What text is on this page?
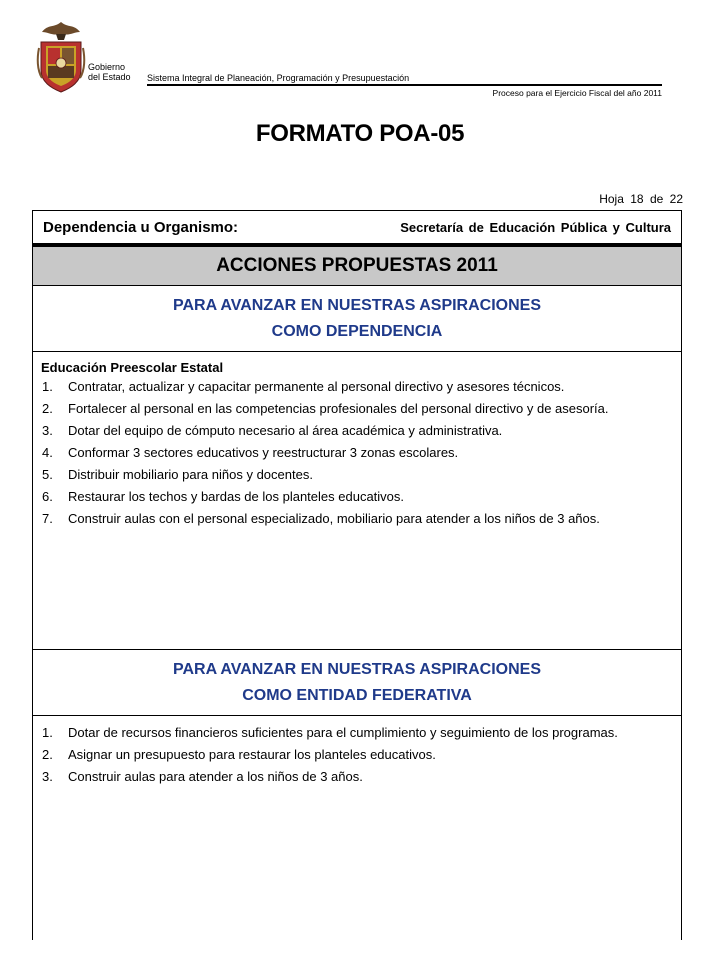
Gobierno
del Estado Sistema Integral de Planeación, Programación y Presupuestación
Proceso para el Ejercicio Fiscal del año 2011
FORMATO POA-05
Hoja 18 de 22
Dependencia u Organismo:	Secretaría de Educación Pública y Cultura
ACCIONES PROPUESTAS 2011
PARA AVANZAR EN NUESTRAS ASPIRACIONES
COMO DEPENDENCIA
Educación Preescolar Estatal
1.	Contratar, actualizar y capacitar permanente al personal directivo y asesores técnicos.
2.	Fortalecer al personal en las competencias profesionales del personal directivo y de asesoría.
3.	Dotar del equipo de cómputo necesario al área académica y administrativa.
4.	Conformar 3 sectores educativos y reestructurar 3 zonas escolares.
5.	Distribuir mobiliario para niños y docentes.
6.	Restaurar los techos y bardas de los planteles educativos.
7.	Construir aulas con el personal especializado, mobiliario para atender a los niños de 3 años.
PARA AVANZAR EN NUESTRAS ASPIRACIONES
COMO ENTIDAD FEDERATIVA
1.	Dotar de recursos financieros suficientes para el cumplimiento y seguimiento de los programas.
2.	Asignar un presupuesto para restaurar los planteles educativos.
3.	Construir aulas para atender a los niños de 3 años.
